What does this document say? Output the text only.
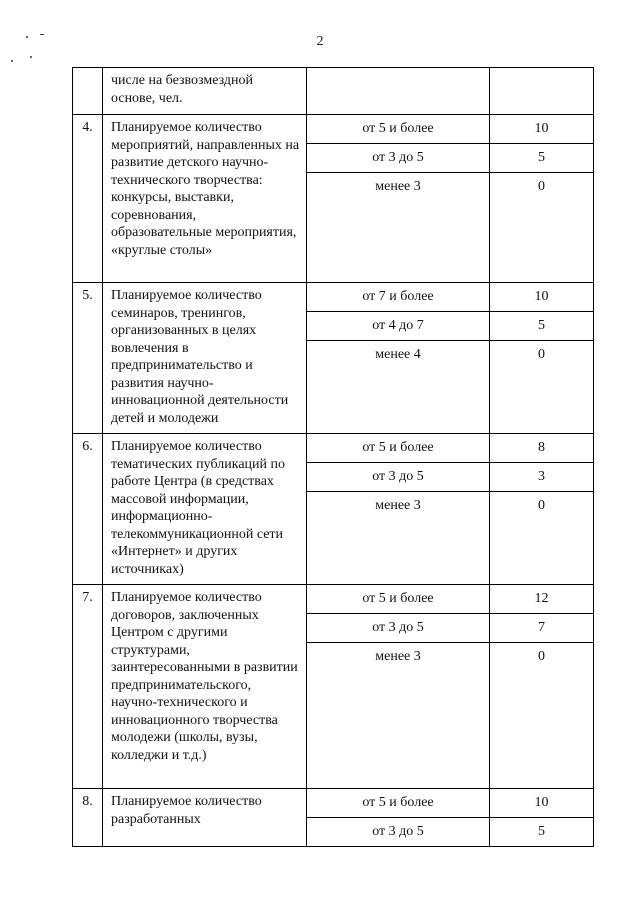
2
	числе на безвозмездной основе, чел.		
4.	Планируемое количество мероприятий, направленных на развитие детского научно-технического творчества: конкурсы, выставки, соревнования, образовательные мероприятия, «круглые столы»	от 5 и более	10
		от 3 до 5	5
		менее 3	0
5.	Планируемое количество семинаров, тренингов, организованных в целях вовлечения в предпринимательство и развития научно-инновационной деятельности детей и молодежи	от 7 и более	10
		от 4 до 7	5
		менее 4	0
6.	Планируемое количество тематических публикаций по работе Центра (в средствах массовой информации, информационно-телекоммуникационной сети «Интернет» и других источниках)	от 5 и более	8
		от 3 до 5	3
		менее 3	0
7.	Планируемое количество договоров, заключенных Центром с другими структурами, заинтересованными в развитии предпринимательского, научно-технического и инновационного творчества молодежи (школы, вузы, колледжи и т.д.)	от 5 и более	12
		от 3 до 5	7
		менее 3	0
8.	Планируемое количество разработанных	от 5 и более	10
		от 3 до 5	5
